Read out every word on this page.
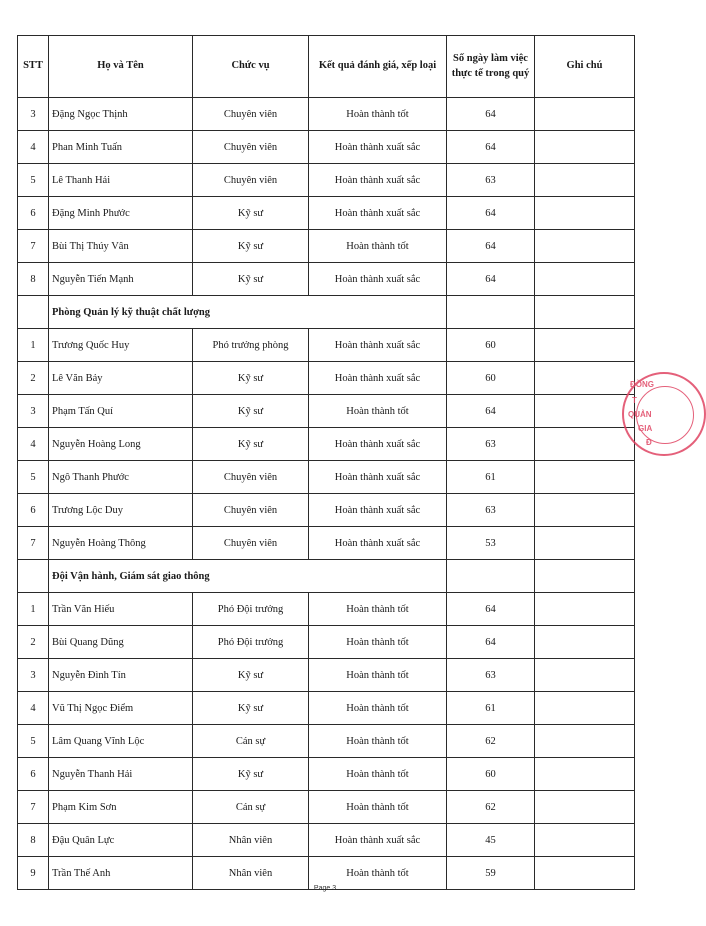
STT	Họ và Tên	Chức vụ	Kết quả đánh giá, xếp loại	Số ngày làm việc thực tế trong quý	Ghi chú
3	Đặng Ngọc Thịnh	Chuyên viên	Hoàn thành tốt	64	
4	Phan Minh Tuấn	Chuyên viên	Hoàn thành xuất sắc	64	
5	Lê Thanh Hải	Chuyên viên	Hoàn thành xuất sắc	63	
6	Đặng Minh Phước	Kỹ sư	Hoàn thành xuất sắc	64	
7	Bùi Thị Thúy Vân	Kỹ sư	Hoàn thành tốt	64	
8	Nguyễn Tiến Mạnh	Kỹ sư	Hoàn thành xuất sắc	64	
	Phòng Quản lý kỹ thuật chất lượng				
1	Trương Quốc Huy	Phó trưởng phòng	Hoàn thành xuất sắc	60	
2	Lê Văn Bảy	Kỹ sư	Hoàn thành xuất sắc	60	
3	Phạm Tấn Quí	Kỹ sư	Hoàn thành tốt	64	
4	Nguyễn Hoàng Long	Kỹ sư	Hoàn thành xuất sắc	63	
5	Ngô Thanh Phước	Chuyên viên	Hoàn thành xuất sắc	61	
6	Trương Lộc Duy	Chuyên viên	Hoàn thành xuất sắc	63	
7	Nguyễn Hoàng Thông	Chuyên viên	Hoàn thành xuất sắc	53	
	Đội Vận hành, Giám sát giao thông				
1	Trần Văn Hiếu	Phó Đội trưởng	Hoàn thành tốt	64	
2	Bùi Quang Dũng	Phó Đội trưởng	Hoàn thành tốt	64	
3	Nguyễn Đình Tín	Kỹ sư	Hoàn thành tốt	63	
4	Vũ Thị Ngọc Điểm	Kỹ sư	Hoàn thành tốt	61	
5	Lâm Quang Vĩnh Lộc	Cán sự	Hoàn thành tốt	62	
6	Nguyễn Thanh Hải	Kỹ sư	Hoàn thành tốt	60	
7	Phạm Kim Sơn	Cán sự	Hoàn thành tốt	62	
8	Đậu Quân Lực	Nhân viên	Hoàn thành xuất sắc	45	
9	Trần Thế Anh	Nhân viên	Hoàn thành tốt	59	
ĐỒNG
T
QUẢN
GIA
Đ
Page 3
